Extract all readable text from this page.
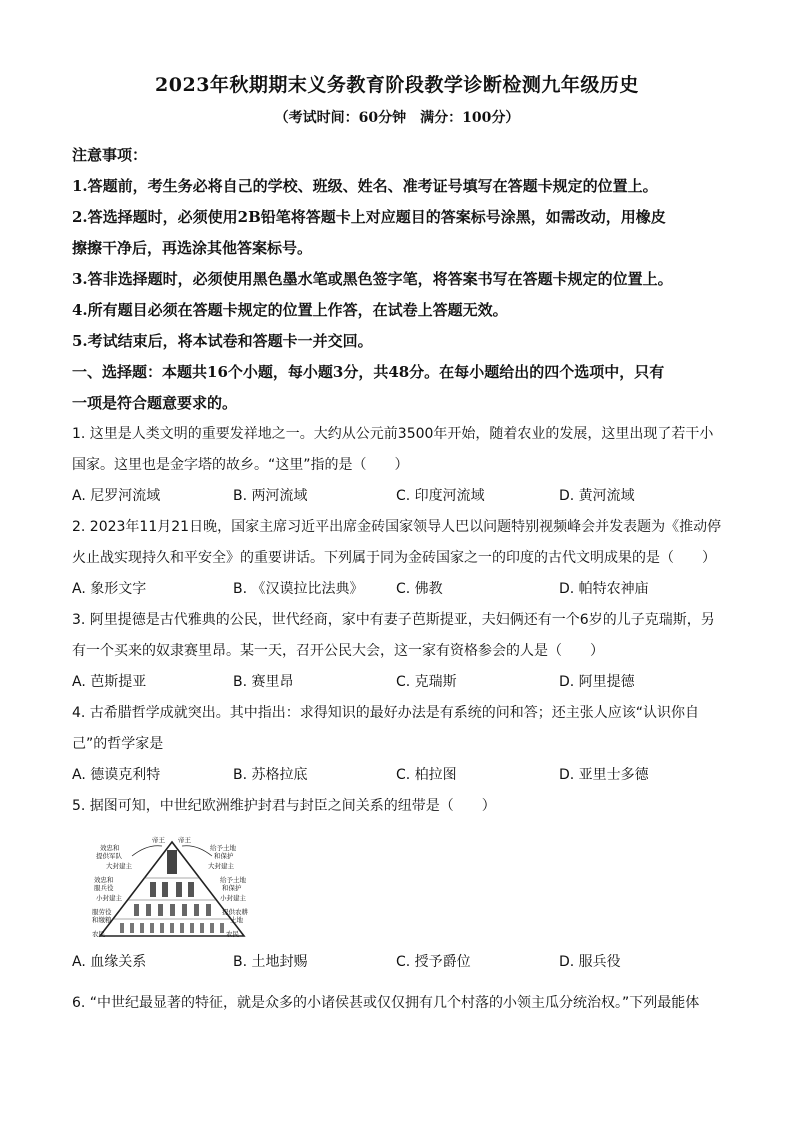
2023年秋期期末义务教育阶段教学诊断检测九年级历史
（考试时间：60分钟　满分：100分）
注意事项：
1.答题前，考生务必将自己的学校、班级、姓名、准考证号填写在答题卡规定的位置上。
2.答选择题时，必须使用2B铅笔将答题卡上对应题目的答案标号涂黑，如需改动，用橡皮
擦擦干净后，再选涂其他答案标号。
3.答非选择题时，必须使用黑色墨水笔或黑色签字笔，将答案书写在答题卡规定的位置上。
4.所有题目必须在答题卡规定的位置上作答，在试卷上答题无效。
5.考试结束后，将本试卷和答题卡一并交回。
一、选择题：本题共16个小题，每小题3分，共48分。在每小题给出的四个选项中，只有
一项是符合题意要求的。
1. 这里是人类文明的重要发祥地之一。大约从公元前3500年开始，随着农业的发展，这里出现了若干小
国家。这里也是金字塔的故乡。“这里”指的是（　　）
A. 尼罗河流域	B. 两河流域	C. 印度河流域	D. 黄河流域
2. 2023年11月21日晚，国家主席习近平出席金砖国家领导人巴以问题特别视频峰会并发表题为《推动停
火止战实现持久和平安全》的重要讲话。下列属于同为金砖国家之一的印度的古代文明成果的是（　　）
A. 象形文字	B. 《汉谟拉比法典》 C. 佛教	D. 帕特农神庙
3. 阿里提德是古代雅典的公民，世代经商，家中有妻子芭斯提亚，夫妇俩还有一个6岁的儿子克瑞斯，另
有一个买来的奴隶赛里昂。某一天，召开公民大会，这一家有资格参会的人是（　　）
A. 芭斯提亚	B. 赛里昂	C. 克瑞斯	D. 阿里提德
4. 古希腊哲学成就突出。其中指出：求得知识的最好办法是有系统的问和答；还主张人应该“认识你自
己”的哲学家是
A. 德谟克利特	B. 苏格拉底	C. 柏拉图	D. 亚里士多德
5. 据图可知，中世纪欧洲维护封君与封臣之间关系的纽带是（　　）
帝王 帝王
效忠和
提供军队
大封建主
效忠和
服兵役
小封建主
服劳役
和缴粮
农民
给予土地
和保护
大封建主
给予土地
和保护
小封建主
提供农耕
土地
农民
A. 血缘关系	B. 土地封赐	C. 授予爵位	D. 服兵役
6. “中世纪最显著的特征，就是众多的小诸侯甚或仅仅拥有几个村落的小领主瓜分统治权。”下列最能体
